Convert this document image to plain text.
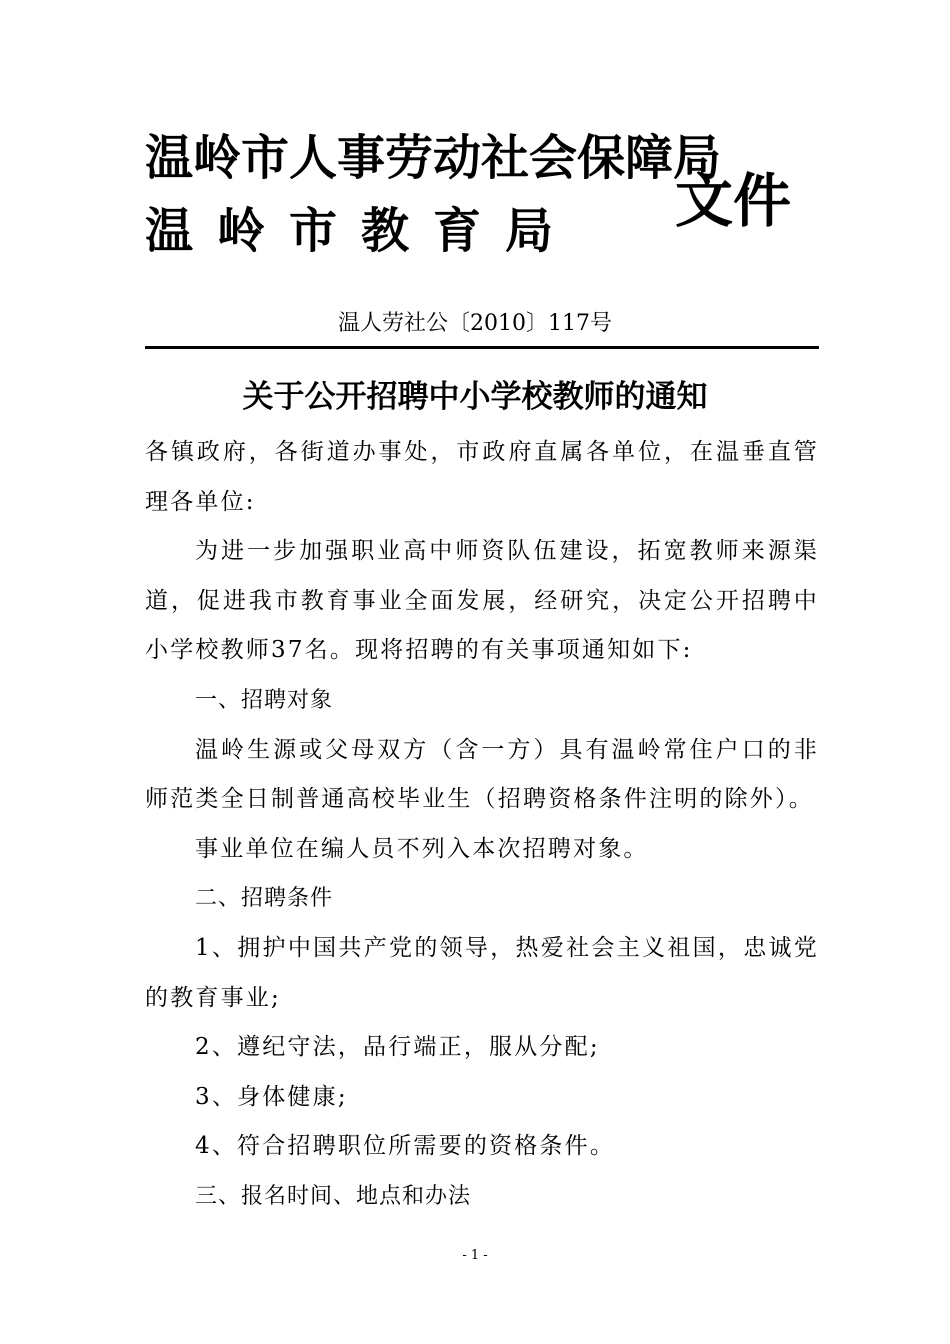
温岭市人事劳动社会保障局
温岭市教育局 文件
温人劳社公〔2010〕117号
关于公开招聘中小学校教师的通知

各镇政府，各街道办事处，市政府直属各单位，在温垂直管理各单位:

为进一步加强职业高中师资队伍建设，拓宽教师来源渠道，促进我市教育事业全面发展，经研究，决定公开招聘中小学校教师37名。现将招聘的有关事项通知如下:

一、招聘对象

温岭生源或父母双方（含一方）具有温岭常住户口的非师范类全日制普通高校毕业生（招聘资格条件注明的除外）。

事业单位在编人员不列入本次招聘对象。

二、招聘条件

1、拥护中国共产党的领导，热爱社会主义祖国，忠诚党的教育事业;

2、遵纪守法，品行端正，服从分配;

3、身体健康;

4、符合招聘职位所需要的资格条件。

三、报名时间、地点和办法

- 1 -
